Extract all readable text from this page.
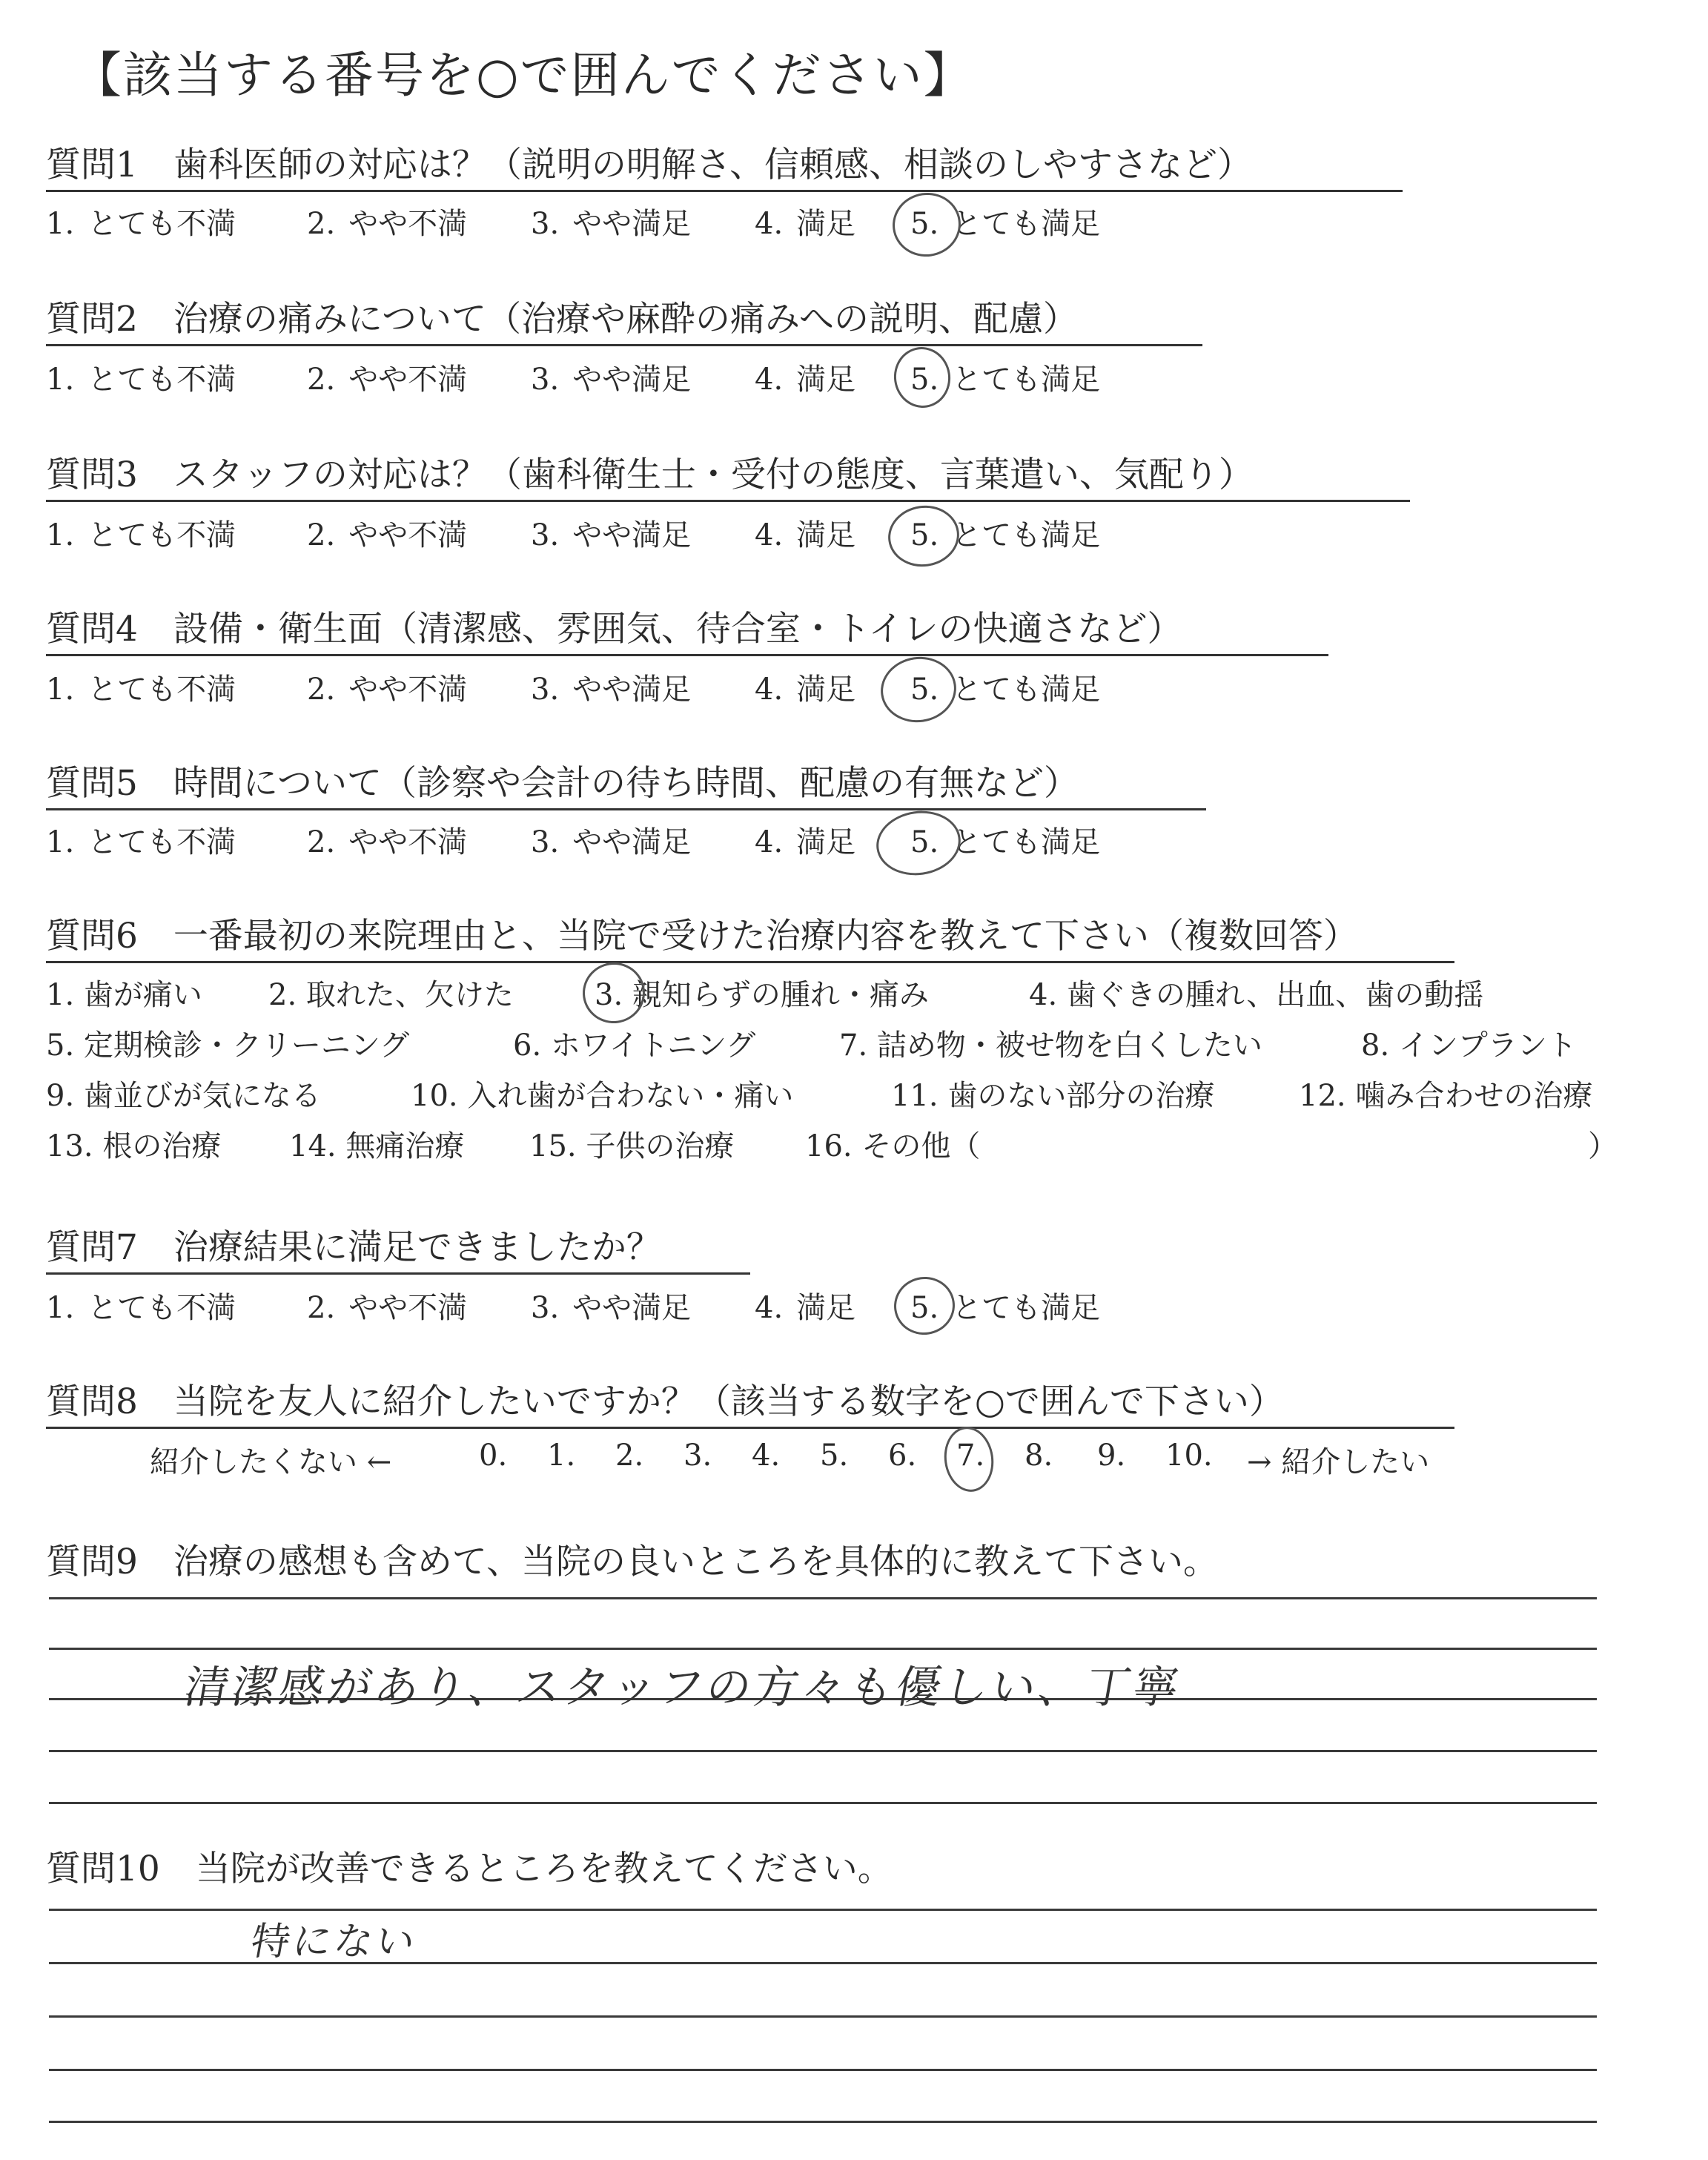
【該当する番号を○で囲んでください】
質問1 歯科医師の対応は？（説明の明解さ、信頼感、相談のしやすさなど）
1. とても不満 2. やや不満 3. やや満足 4. 満足 5. とても満足
質問2 治療の痛みについて（治療や麻酔の痛みへの説明、配慮）
1. とても不満 2. やや不満 3. やや満足 4. 満足 5. とても満足
質問3 スタッフの対応は？（歯科衛生士・受付の態度、言葉遣い、気配り）
1. とても不満 2. やや不満 3. やや満足 4. 満足 5. とても満足
質問4 設備・衛生面（清潔感、雰囲気、待合室・トイレの快適さなど）
1. とても不満 2. やや不満 3. やや満足 4. 満足 5. とても満足
質問5 時間について（診察や会計の待ち時間、配慮の有無など）
1. とても不満 2. やや不満 3. やや満足 4. 満足 5. とても満足
質問6 一番最初の来院理由と、当院で受けた治療内容を教えて下さい（複数回答）
1. 歯が痛い 2. 取れた、欠けた	3. 親知らずの腫れ・痛み	4. 歯ぐきの腫れ、出血、歯の動揺
5. 定期検診・クリーニング	6. ホワイトニング	7. 詰め物・被せ物を白くしたい	8. インプラント
9. 歯並びが気になる	10. 入れ歯が合わない・痛い	11. 歯のない部分の治療	12. 噛み合わせの治療
13. 根の治療 14. 無痛治療 15. 子供の治療 16. その他（	）
質問7 治療結果に満足できましたか？
1. とても不満 2. やや不満 3. やや満足 4. 満足 5. とても満足
質問8 当院を友人に紹介したいですか？（該当する数字を○で囲んで下さい）
紹介したくない ←	0. 1. 2. 3. 4. 5. 6. 7. 8. 9. 10. → 紹介したい
質問9 治療の感想も含めて、当院の良いところを具体的に教えて下さい。
清潔感があり、スタッフの方々も優しい、丁寧
質問10 当院が改善できるところを教えてください。
特にない
